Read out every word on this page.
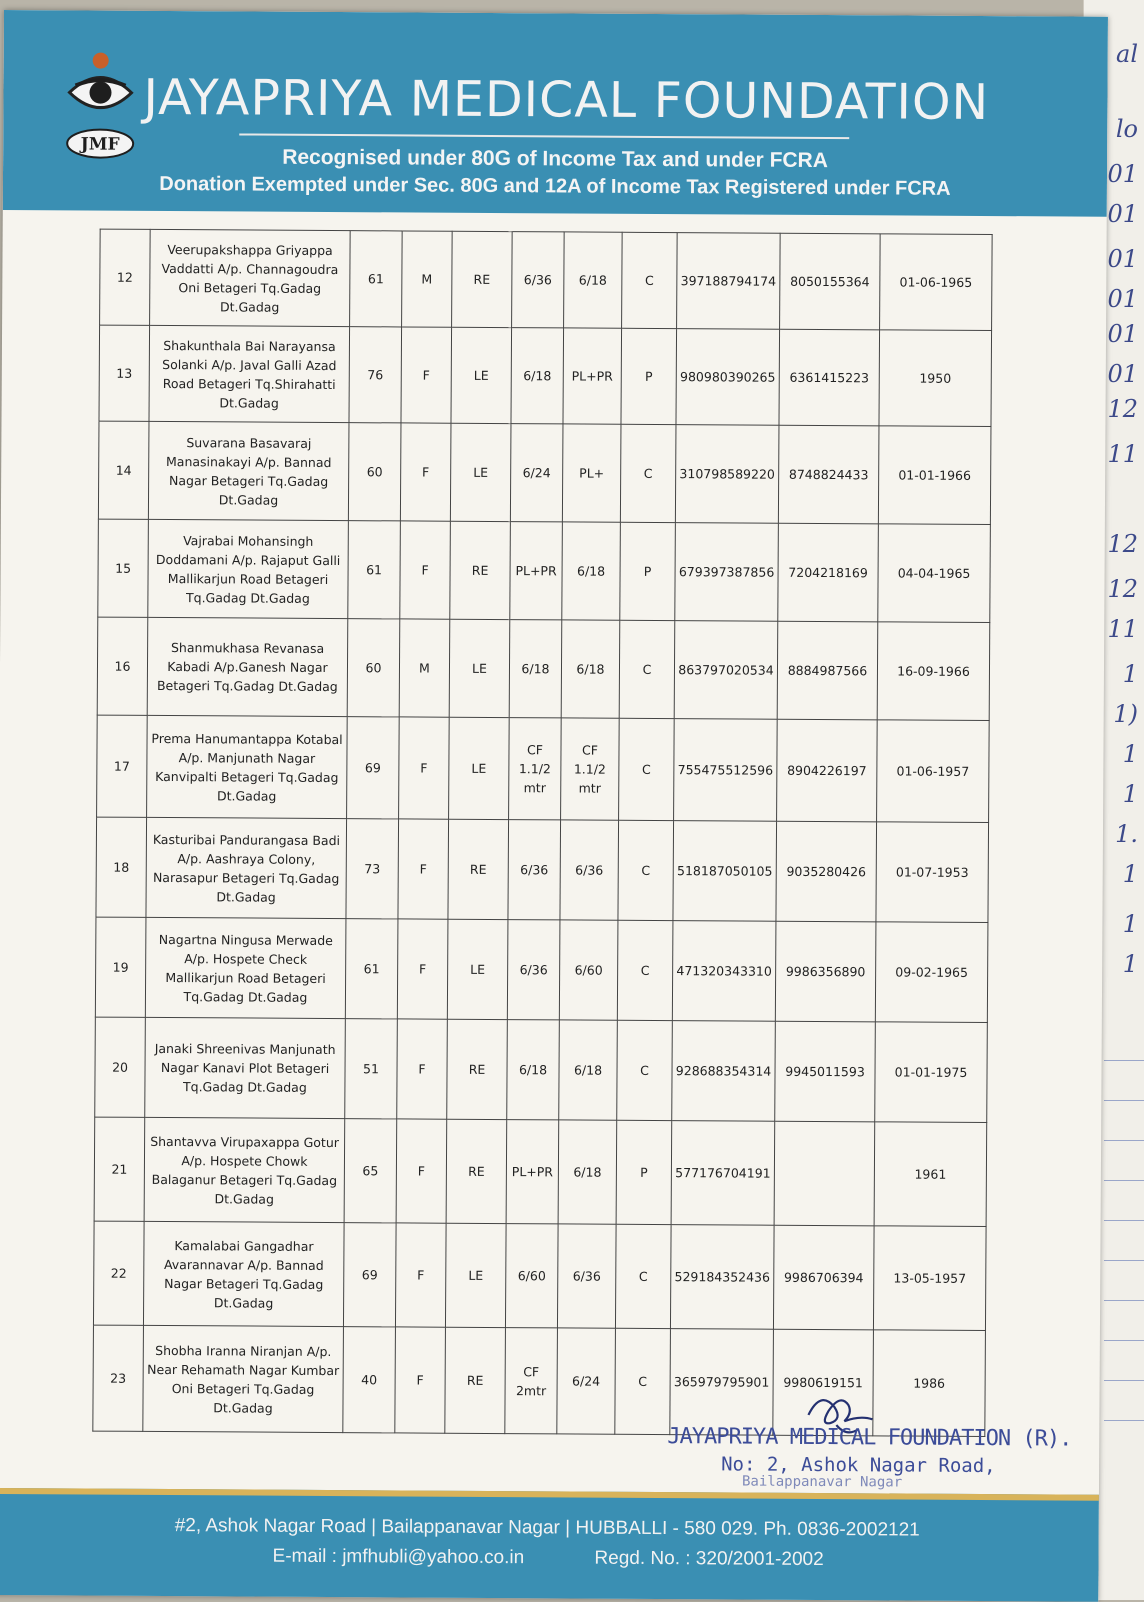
al
lo
01
01
01
01
01
01
12
11
12
12
11
1
1)
1
1
1.
1
1
1
JMF
JAYAPRIYA MEDICAL FOUNDATION
Recognised under 80G of Income Tax and under FCRA
Donation Exempted under Sec. 80G and 12A of Income Tax Registered under FCRA
12	Veerupakshappa Griyappa Vaddatti A/p. Channagoudra Oni Betageri Tq.Gadag Dt.Gadag	61	M	RE	6/36	6/18	C	397188794174	8050155364	01-06-1965
13	Shakunthala Bai Narayansa Solanki A/p. Javal Galli Azad Road Betageri Tq.Shirahatti Dt.Gadag	76	F	LE	6/18	PL+PR	P	980980390265	6361415223	1950
14	Suvarana Basavaraj Manasinakayi A/p. Bannad Nagar Betageri Tq.Gadag Dt.Gadag	60	F	LE	6/24	PL+	C	310798589220	8748824433	01-01-1966
15	Vajrabai Mohansingh Doddamani A/p. Rajaput Galli Mallikarjun Road Betageri Tq.Gadag Dt.Gadag	61	F	RE	PL+PR	6/18	P	679397387856	7204218169	04-04-1965
16	Shanmukhasa Revanasa Kabadi A/p.Ganesh Nagar Betageri Tq.Gadag Dt.Gadag	60	M	LE	6/18	6/18	C	863797020534	8884987566	16-09-1966
17	Prema Hanumantappa Kotabal A/p. Manjunath Nagar Kanvipalti Betageri Tq.Gadag Dt.Gadag	69	F	LE	CF 1.1/2 mtr	CF 1.1/2 mtr	C	755475512596	8904226197	01-06-1957
18	Kasturibai Pandurangasa Badi A/p. Aashraya Colony, Narasapur Betageri Tq.Gadag Dt.Gadag	73	F	RE	6/36	6/36	C	518187050105	9035280426	01-07-1953
19	Nagartna Ningusa Merwade A/p. Hospete Check Mallikarjun Road Betageri Tq.Gadag Dt.Gadag	61	F	LE	6/36	6/60	C	471320343310	9986356890	09-02-1965
20	Janaki Shreenivas Manjunath Nagar Kanavi Plot Betageri Tq.Gadag Dt.Gadag	51	F	RE	6/18	6/18	C	928688354314	9945011593	01-01-1975
21	Shantavva Virupaxappa Gotur A/p. Hospete Chowk Balaganur Betageri Tq.Gadag Dt.Gadag	65	F	RE	PL+PR	6/18	P	577176704191		1961
22	Kamalabai Gangadhar Avarannavar A/p. Bannad Nagar Betageri Tq.Gadag Dt.Gadag	69	F	LE	6/60	6/36	C	529184352436	9986706394	13-05-1957
23	Shobha Iranna Niranjan A/p. Near Rehamath Nagar Kumbar Oni Betageri Tq.Gadag Dt.Gadag	40	F	RE	CF 2mtr	6/24	C	365979795901	9980619151	1986
JAYAPRIYA MEDICAL FOUNDATION (R).
No: 2, Ashok Nagar Road,
Bailappanavar Nagar
#2, Ashok Nagar Road | Bailappanavar Nagar | HUBBALLI - 580 029. Ph. 0836-2002121
E-mail : jmfhubli@yahoo.co.in	Regd. No. : 320/2001-2002
